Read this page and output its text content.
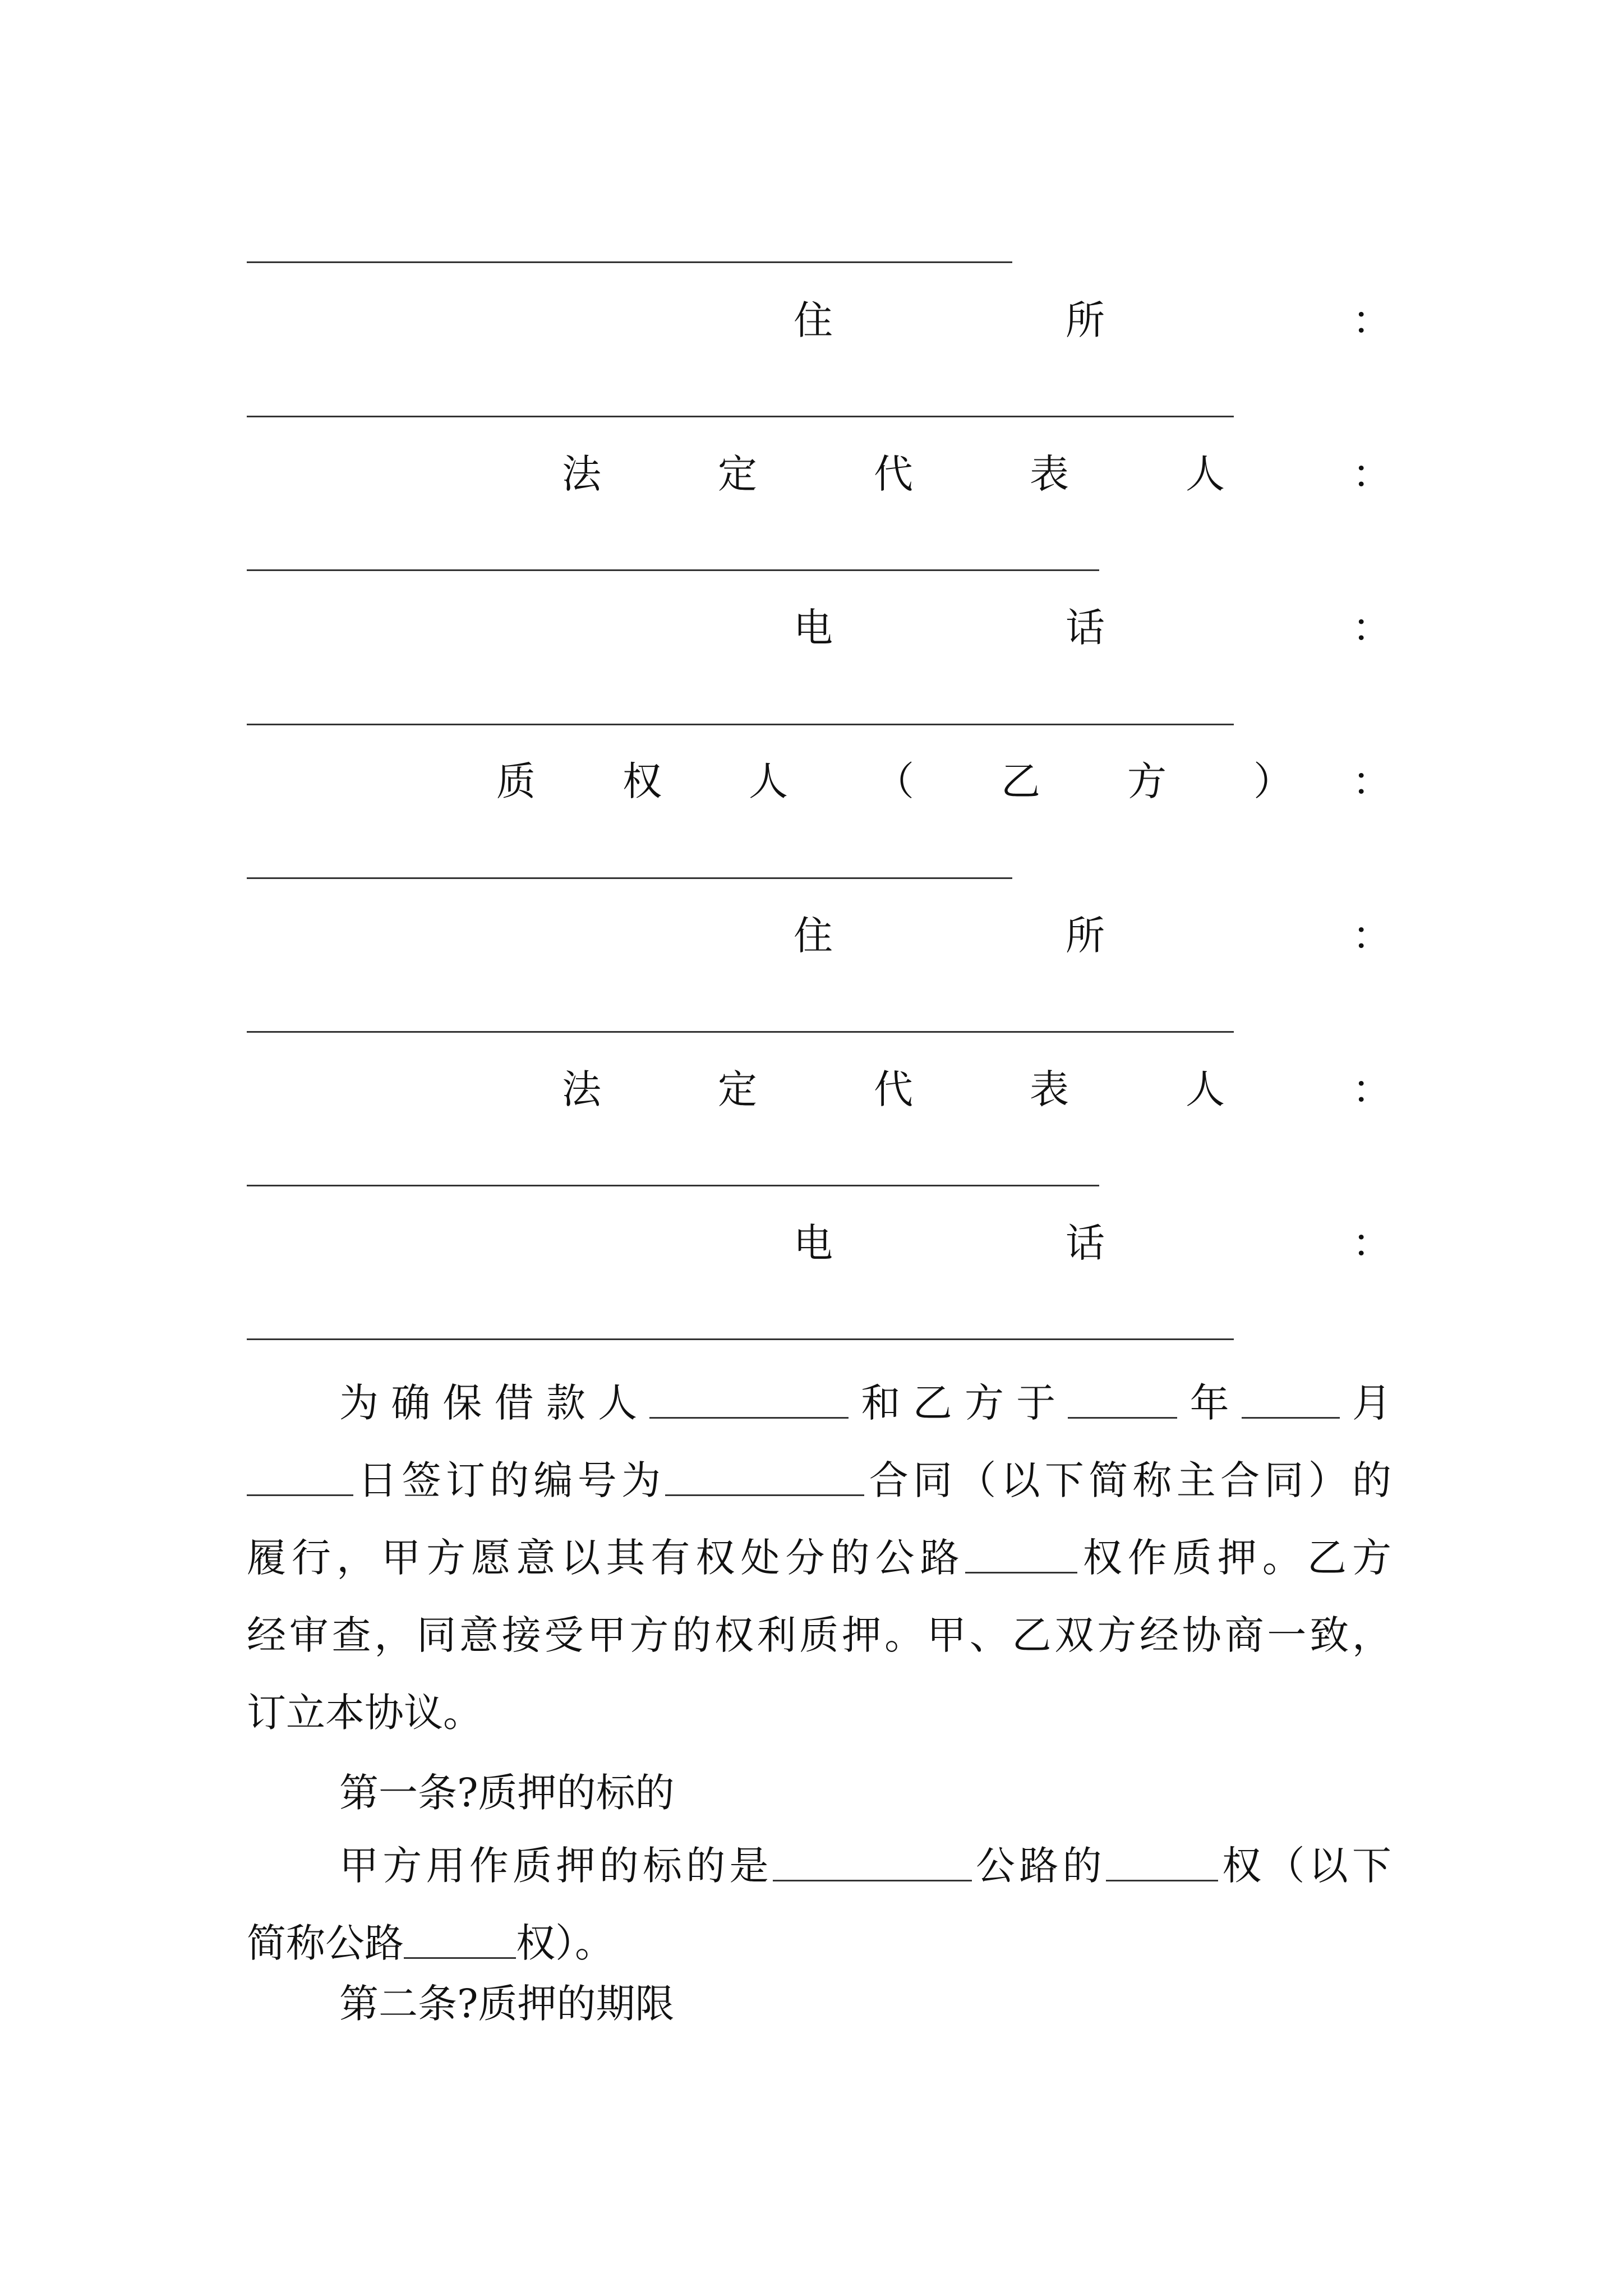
住	所	：
法	定	代	表	人	：
电	话	：
质 权 人 （ 乙 方 ） ：
住	所	：
法	定	代	表	人	：
电	话	：
为确保借款人	和乙方于	年	月
日签订的编号为	合同（以下简称主合同）的
履行，甲方愿意以其有权处分的公路	权作质押。乙方
经审查，同意接受甲方的权利质押。甲、乙双方经协商一致，
订立本协议。
第一条?质押的标的
甲方用作质押的标的是	公路的	权（以下
简称公路	权）。
第二条?质押的期限
